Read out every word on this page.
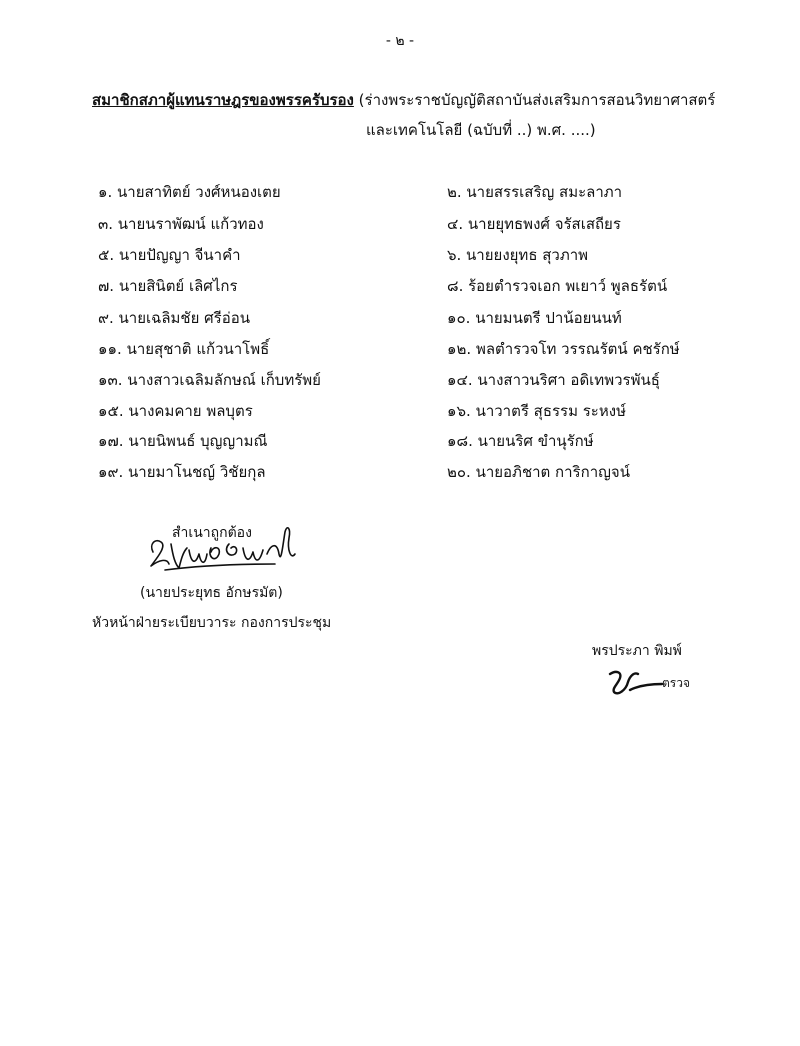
- ๒ -
สมาชิกสภาผู้แทนราษฎรของพรรครับรอง (ร่างพระราชบัญญัติสถาบันส่งเสริมการสอนวิทยาศาสตร์
และเทคโนโลยี (ฉบับที่ ..) พ.ศ. ....)
๑. นายสาทิตย์ วงศ์หนองเตย	๒. นายสรรเสริญ สมะลาภา
๓. นายนราพัฒน์ แก้วทอง	๔. นายยุทธพงศ์ จรัสเสถียร
๕. นายปัญญา จีนาคำ	๖. นายยงยุทธ สุวภาพ
๗. นายสินิตย์ เลิศไกร	๘. ร้อยตำรวจเอก พเยาว์ พูลธรัตน์
๙. นายเฉลิมชัย ศรีอ่อน	๑๐. นายมนตรี ปาน้อยนนท์
๑๑. นายสุชาติ แก้วนาโพธิ์	๑๒. พลตำรวจโท วรรณรัตน์ คชรักษ์
๑๓. นางสาวเฉลิมลักษณ์ เก็บทรัพย์	๑๔. นางสาวนริศา อดิเทพวรพันธุ์
๑๕. นางคมคาย พลบุตร	๑๖. นาวาตรี สุธรรม ระหงษ์
๑๗. นายนิพนธ์ บุญญามณี	๑๘. นายนริศ ขำนุรักษ์
๑๙. นายมาโนชญ์ วิชัยกุล	๒๐. นายอภิชาต การิกาญจน์
สำเนาถูกต้อง
(นายประยุทธ อักษรมัต)
หัวหน้าฝ่ายระเบียบวาระ กองการประชุม
พรประภา พิมพ์
ตรวจ
